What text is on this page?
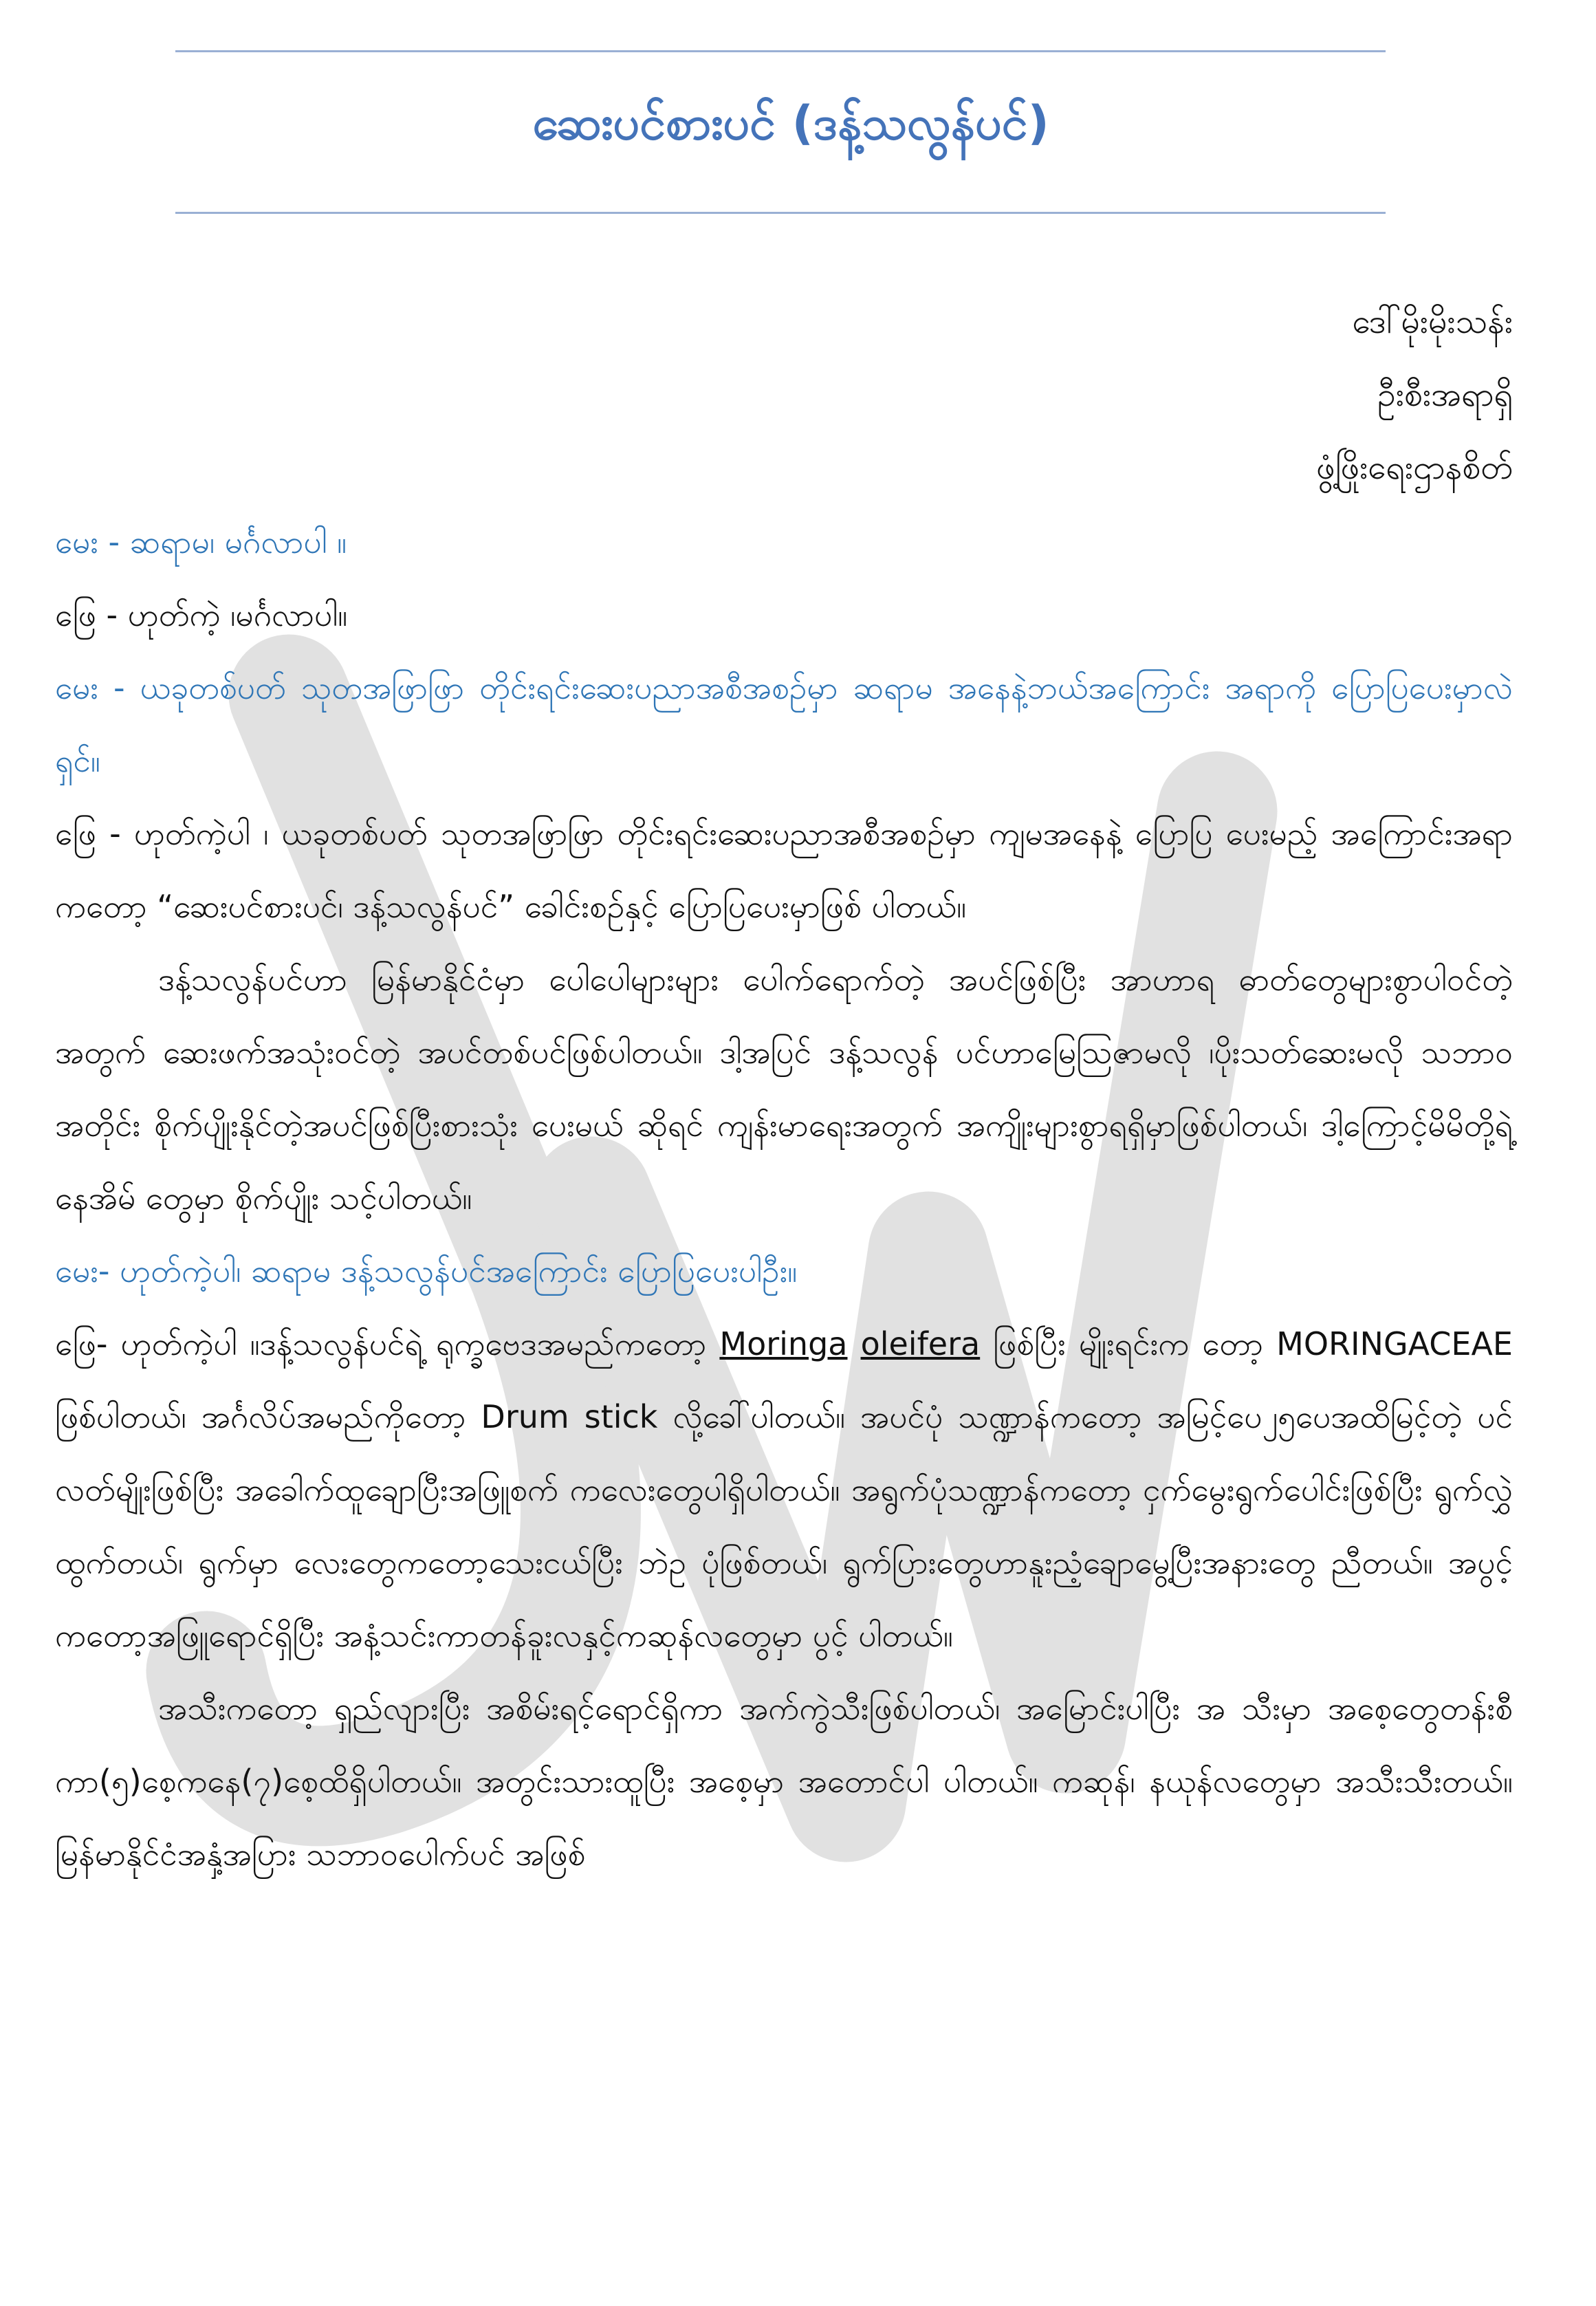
ဆေးပင်စားပင် (ဒန့်သလွန်ပင်)
ဒေါ်မိုးမိုးသန်း
ဦးစီးအရာရှိ
ဖွံ့ဖြိုးရေးဌာနစိတ်

မေး - ဆရာမ၊ မင်္ဂလာပါ ။

ဖြေ - ဟုတ်ကဲ့ ၊မင်္ဂလာပါ။

မေး - ယခုတစ်ပတ် သုတအဖြာဖြာ တိုင်းရင်းဆေးပညာအစီအစဉ်မှာ ဆရာမ အနေနဲ့ဘယ်အကြောင်း အရာကို ပြောပြပေးမှာလဲရှင်။

ဖြေ - ဟုတ်ကဲ့ပါ ၊ ယခုတစ်ပတ် သုတအဖြာဖြာ တိုင်းရင်းဆေးပညာအစီအစဉ်မှာ ကျမအနေနဲ့ ပြောပြ ပေးမည့် အကြောင်းအရာကတော့ “ဆေးပင်စားပင်၊ ဒန့်သလွန်ပင်” ခေါင်းစဉ်နှင့် ပြောပြပေးမှာဖြစ် ပါတယ်။

ဒန့်သလွန်ပင်ဟာ မြန်မာနိုင်ငံမှာ ပေါပေါများများ ပေါက်ရောက်တဲ့ အပင်ဖြစ်ပြီး အာဟာရ ဓာတ်တွေများစွာပါဝင်တဲ့အတွက် ဆေးဖက်အသုံးဝင်တဲ့ အပင်တစ်ပင်ဖြစ်ပါတယ်။ ဒါ့အပြင် ဒန့်သလွန် ပင်ဟာမြေသြဇာမလို ၊ပိုးသတ်ဆေးမလို သဘာဝအတိုင်း စိုက်ပျိုးနိုင်တဲ့အပင်ဖြစ်ပြီးစားသုံး ပေးမယ် ဆိုရင် ကျန်းမာရေးအတွက် အကျိုးများစွာရရှိမှာဖြစ်ပါတယ်၊ ဒါ့ကြောင့်မိမိတို့ရဲ့နေအိမ် တွေမှာ စိုက်ပျိုး သင့်ပါတယ်။

မေး- ဟုတ်ကဲ့ပါ၊ ဆရာမ ဒန့်သလွန်ပင်အကြောင်း ပြောပြပေးပါဦး။

ဖြေ- ဟုတ်ကဲ့ပါ ။ဒန့်သလွန်ပင်ရဲ့ ရုက္ခဗေဒအမည်ကတော့ Moringa oleifera ဖြစ်ပြီး မျိုးရင်းက တော့ MORINGACEAE ဖြစ်ပါတယ်၊ အင်္ဂလိပ်အမည်ကိုတော့ Drum stick လို့ခေါ်ပါတယ်။ အပင်ပုံ သဏ္ဍာန်ကတော့ အမြင့်ပေ၂၅ပေအထိမြင့်တဲ့ ပင်လတ်မျိုးဖြစ်ပြီး အခေါက်ထူချောပြီးအဖြူစက် ကလေးတွေပါရှိပါတယ်။ အရွက်ပုံသဏ္ဍာန်ကတော့ ငှက်မွေးရွက်ပေါင်းဖြစ်ပြီး ရွက်လွှဲထွက်တယ်၊ ရွက်မှာ လေးတွေကတော့သေးငယ်ပြီး ဘဲဥ ပုံဖြစ်တယ်၊ ရွက်ပြားတွေဟာနူးညံ့ချောမွေ့ပြီးအနားတွေ ညီတယ်။ အပွင့်ကတော့အဖြူရောင်ရှိပြီး အနံ့သင်းကာတန်ခူးလနှင့်ကဆုန်လတွေမှာ ပွင့် ပါတယ်။

အသီးကတော့ ရှည်လျားပြီး အစိမ်းရင့်ရောင်ရှိကာ အက်ကွဲသီးဖြစ်ပါတယ်၊ အမြောင်းပါပြီး အ သီးမှာ အစေ့တွေတန်းစီကာ(၅)စေ့ကနေ(၇)စေ့ထိရှိပါတယ်။ အတွင်းသားထူပြီး အစေ့မှာ အတောင်ပါ ပါတယ်။ ကဆုန်၊ နယုန်လတွေမှာ အသီးသီးတယ်။ မြန်မာနိုင်ငံအနှံ့အပြား သဘာဝပေါက်ပင် အဖြစ်
